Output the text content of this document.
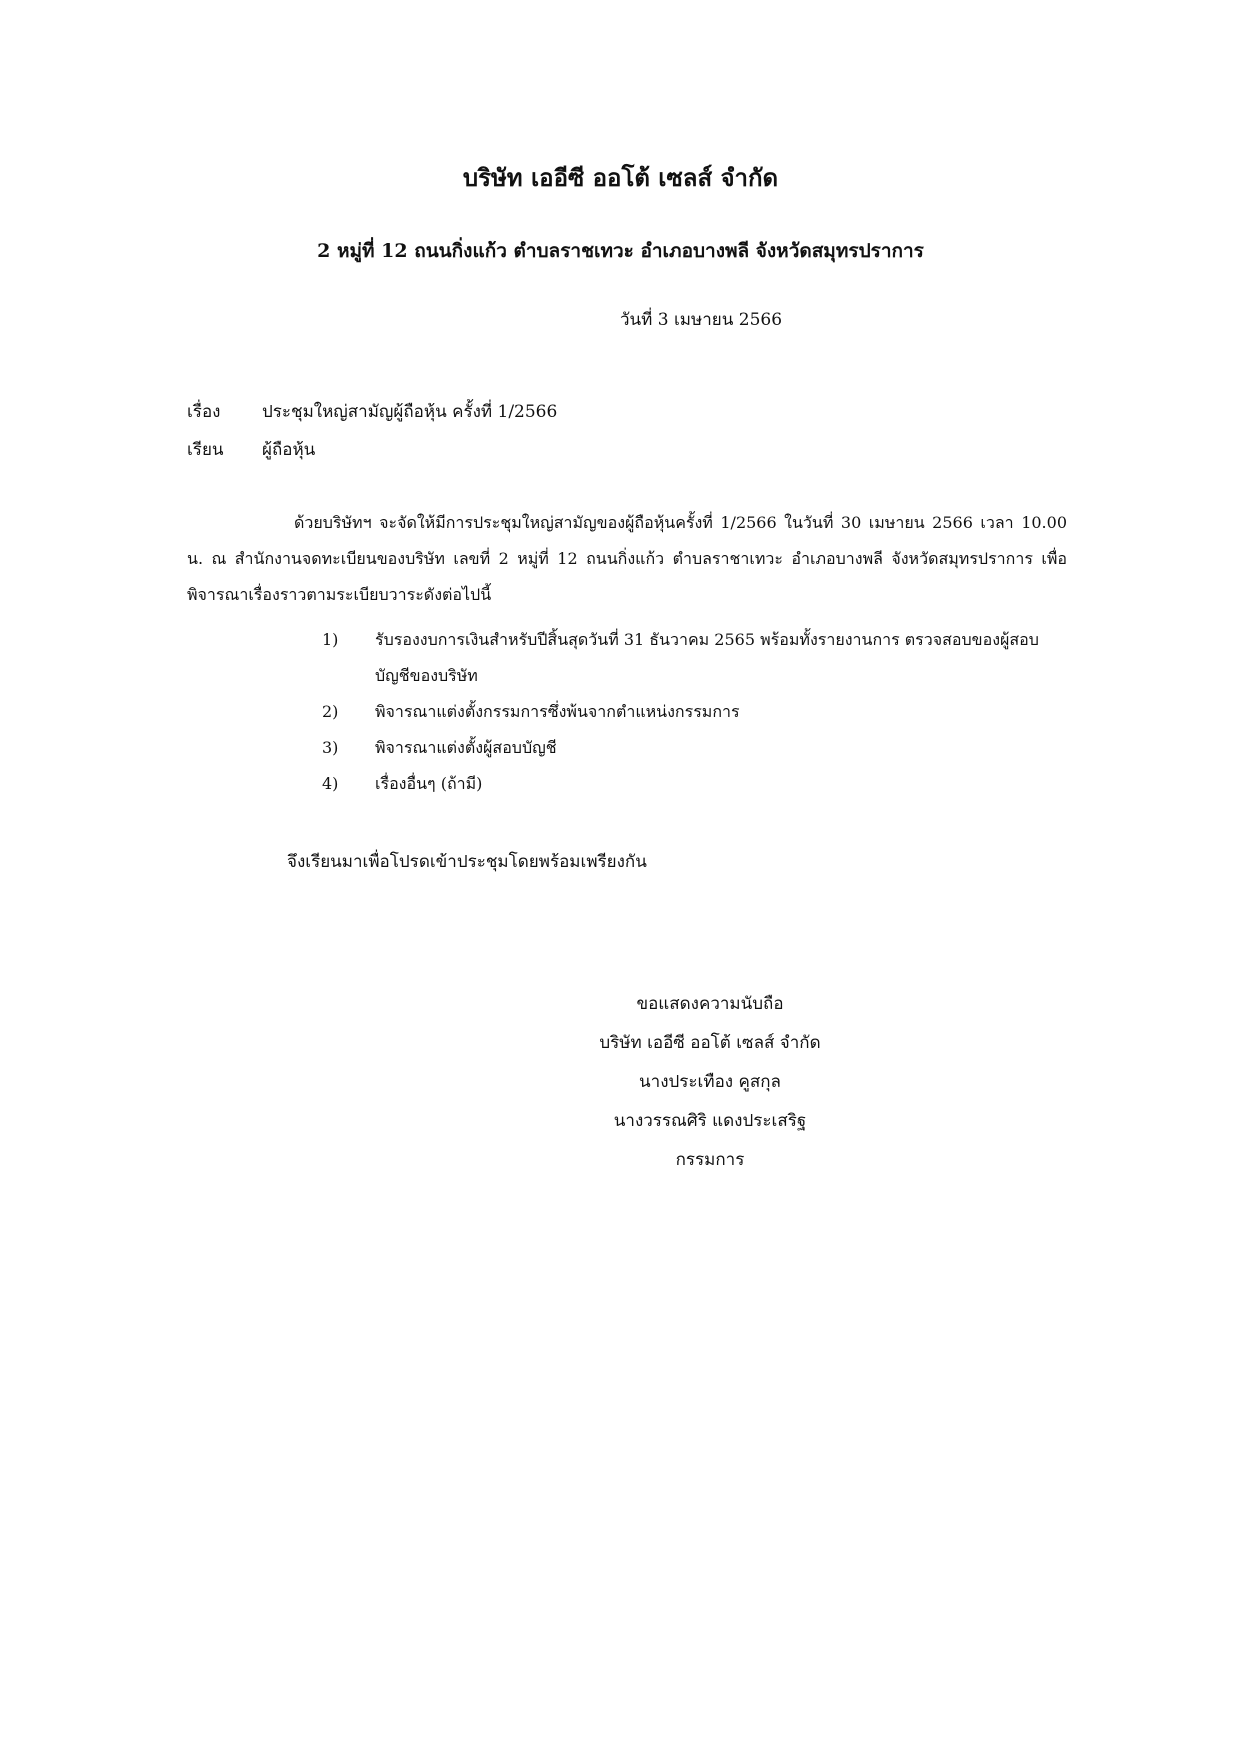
บริษัท เออีซี ออโต้ เซลส์ จำกัด
2 หมู่ที่ 12 ถนนกิ่งแก้ว ตำบลราชเทวะ อำเภอบางพลี จังหวัดสมุทรปราการ
วันที่ 3 เมษายน 2566
เรื่อง ประชุมใหญ่สามัญผู้ถือหุ้น ครั้งที่ 1/2566
เรียน ผู้ถือหุ้น
ด้วยบริษัทฯ จะจัดให้มีการประชุมใหญ่สามัญของผู้ถือหุ้นครั้งที่ 1/2566 ในวันที่ 30 เมษายน 2566 เวลา 10.00 น. ณ สำนักงานจดทะเบียนของบริษัท เลขที่ 2 หมู่ที่ 12 ถนนกิ่งแก้ว ตำบลราชาเทวะ อำเภอบางพลี จังหวัดสมุทรปราการ เพื่อพิจารณาเรื่องราวตามระเบียบวาระดังต่อไปนี้
1) รับรองงบการเงินสำหรับปีสิ้นสุดวันที่ 31 ธันวาคม 2565 พร้อมทั้งรายงานการ ตรวจสอบของผู้สอบบัญชีของบริษัท
2) พิจารณาแต่งตั้งกรรมการซึ่งพ้นจากตำแหน่งกรรมการ
3) พิจารณาแต่งตั้งผู้สอบบัญชี
4) เรื่องอื่นๆ (ถ้ามี)
จึงเรียนมาเพื่อโปรดเข้าประชุมโดยพร้อมเพรียงกัน
ขอแสดงความนับถือ
บริษัท เออีซี ออโต้ เซลส์ จำกัด
นางประเทือง คูสกุล
นางวรรณศิริ แดงประเสริฐ
กรรมการ
